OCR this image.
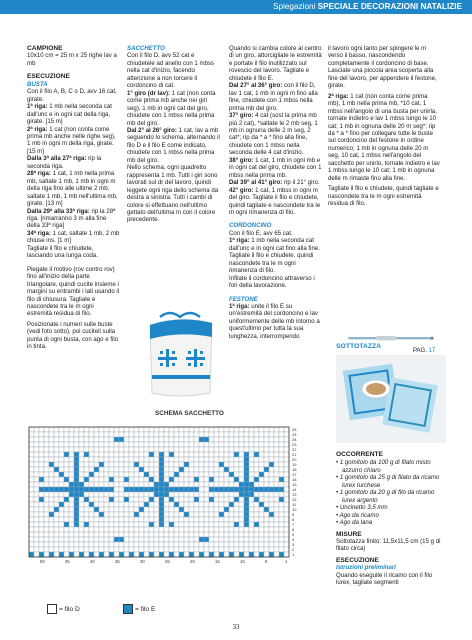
Spiegazioni SPECIALE DECORAZIONI NATALIZIE

CAMPIONE
10x10 cm = 25 m x 25 righe lav a mb

ESECUZIONE
BUSTA
Con il filo A, B, C o D, avv 16 cat, girate.
1ª riga: 1 mb nella seconda cat dall'unc e in ogni cat della riga, girate. [15 m]
2ª riga: 1 cat (non conta come prima mb anche nelle righe seg), 1 mb in ogni m della riga, girate. [15 m]
Dalla 3ª alla 27ª riga: rip la seconda riga.
28ª riga: 1 cat, 1 mb nella prima mb, saltate 1 mb, 1 mb in ogni m della riga fino alle ultime 2 mb, saltate 1 mb, 1 mb nell'ultima mb, girate. [13 m]
Dalla 29ª alla 33ª riga: rip la 28ª riga. [rimarranno 3 m alla fine della 33ª riga]
34ª riga: 1 cat, saltate 1 mb, 2 mb chiuse ins. [1 m]
Tagliate il filo e chiudete, lasciando una lunga coda.

Piegate il motivo (rov contro rov) fino all'inizio della parte triangolare, quindi cucite insieme i margini su entrambi i lati usando il filo di chiusura. Tagliate e nascondete tra le m ogni estremità residua di filo.

Posizionate i numeri sulle buste (vedi foto sotto), poi cuciteli sulla punta di ogni busta, con ago e filo in tinta.

SACCHETTO
Con il filo D, avv 52 cat e chiudetele ad anello con 1 mbss nella cat d'inizio, facendo attenzione a non torcere il cordoncino di cat.
1° giro (dr lav): 1 cat (non conta come prima mb anche nei giri seg), 1 mb in ogni cat del giro, chiudete con 1 mbss nella prima mb del giro.
Dal 2° al 26° giro: 1 cat, lav a mb seguendo lo schema, alternando il filo D e il filo E come indicato, chiudete con 1 mbss nella prima mb del giro.
Nello schema, ogni quadretto rappresenta 1 mb. Tutti i giri sono lavorati sul dr del lavoro, quindi leggete ogni riga dello schema da destra a sinistra. Tutti i cambi di colore si effettuano nell'ultimo gettato dell'ultima m con il colore precedente.

Quando si cambia colore al centro di un giro, attorcigliate le estremità e portate il filo inutilizzato sul rovescio del lavoro. Tagliate e chiudete il filo E.
Dal 27° al 36° giro: con il filo D, lav 1 cat, 1 mb in ogni m fino alla fine, chiudete con 1 mbss nella prima mb del giro.
37° giro: 4 cat (sost la prima mb più 2 cat), *saltate le 2 mb seg, 1 mb in ognuna delle 2 m seg, 2 cat*; rip da * a * fino alla fine, chiudete con 1 mbss nella seconda delle 4 cat d'inizio.
38° giro: 1 cat, 1 mb in ogni mb e in ogni cat del giro, chiudete con 1 mbss nella prima mb.
Dal 39° al 41° giro: rip il 21° giro.
42° giro: 1 cat, 1 mbss in ogni m del giro. Tagliate il filo e chiudete, quindi tagliate e nascondete tra le m ogni rimanenza di filo.

CORDONCINO
Con il filo E, avv 65 cat.
1ª riga: 1 mb nella seconda cat dall'unc e in ogni cat fino alla fine. Tagliate il filo e chiudete, quindi nascondete tra le m ogni rimanenza di filo.
Infilate il cordoncino attraverso i fori della lavorazione.

FESTONE
1ª riga: unite il filo E su un'estremità del cordoncino e lav uniformemente delle mb intorno a quest'ultimo per tutta la sua lunghezza, interrompendo

il lavoro ogni tanto per spingere le m verso il basso, nascondendo completamente il cordoncino di base. Lasciate una piccola area scoperta alla fine del lavoro, per appendere il festone, girate.

2ª riga: 1 cat (non conta come prima mb), 1 mb nella prima mb, *10 cat, 1 mbss nell'angolo di una busta per unirla, tornate indietro e lav 1 mbss lungo le 10 cat; 1 mb in ognuna delle 20 m seg*; rip da * a * fino per collegare tutte le buste sul cordoncino del festone in ordine numerico; 1 mb in ognuna delle 20 m seg, 10 cat, 1 mbss nell'angolo del sacchetto per unirlo, tornate indietro e lav 1 mbss lungo le 10 cat; 1 mb in ognuna delle m rimaste fino alla fine.

Tagliate il filo e chiudete, quindi tagliate e nascondete tra le m ogni estremità residua di filo.

SOTTOTAZZA
PAG. 17

OCCORRENTE

• 1 gomitolo da 100 g di filato misto azzurro chiaro
• 1 gomitolo da 25 g di filato da ricamo lurex turchese
• 1 gomitolo da 20 g di filo da ricamo lurex argento
• Uncinetto 3,5 mm
• Ago da ricamo
• Ago da lana

MISURE
Sottotazza finito: 11,5x11,5 cm (15 g di filato circa)

ESECUZIONE
Istruzioni preliminari
Quando eseguite il ricamo con il filo lurex, tagliate segmenti

SCHEMA SACCHETTO
26
25
24
23
22
21
20
19
18
17
16
15
14
13
12
11
10
9
8
7
6
5
4
3
2
1
50	45	40	35	30	25	20	15	10	5	1
= filo D	= filo E
33
